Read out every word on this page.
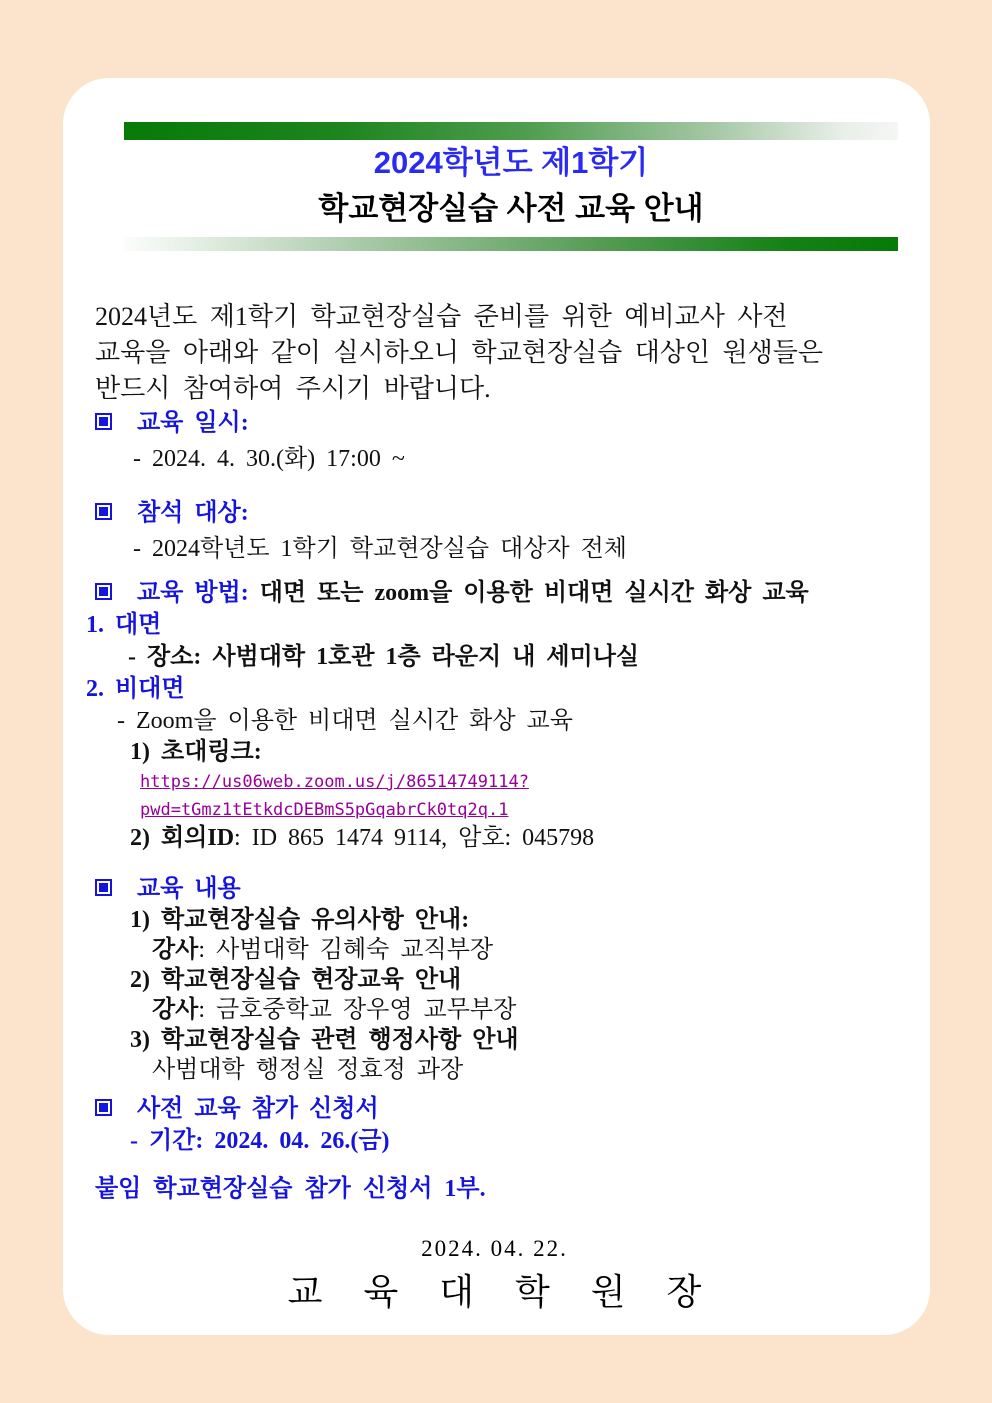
2024학년도 제1학기
학교현장실습 사전 교육 안내
2024년도 제1학기 학교현장실습 준비를 위한 예비교사 사전
교육을 아래와 같이 실시하오니 학교현장실습 대상인 원생들은
반드시 참여하여 주시기 바랍니다.
교육 일시:
- 2024. 4. 30.(화) 17:00 ~
참석 대상:
- 2024학년도 1학기 학교현장실습 대상자 전체
교육 방법: 대면 또는 zoom을 이용한 비대면 실시간 화상 교육
1. 대면
- 장소: 사범대학 1호관 1층 라운지 내 세미나실
2. 비대면
- Zoom을 이용한 비대면 실시간 화상 교육
1) 초대링크:
https://us06web.zoom.us/j/86514749114?pwd=tGmz1tEtkdcDEBmS5pGqabrCk0tq2q.1
2) 회의ID: ID 865 1474 9114, 암호: 045798
교육 내용
1) 학교현장실습 유의사항 안내:
강사: 사범대학 김혜숙 교직부장
2) 학교현장실습 현장교육 안내
강사: 금호중학교 장우영 교무부장
3) 학교현장실습 관련 행정사항 안내
사범대학 행정실 정효정 과장
사전 교육 참가 신청서
- 기간: 2024. 04. 26.(금)
붙임 학교현장실습 참가 신청서 1부.
2024. 04. 22.
교 육 대 학 원 장
